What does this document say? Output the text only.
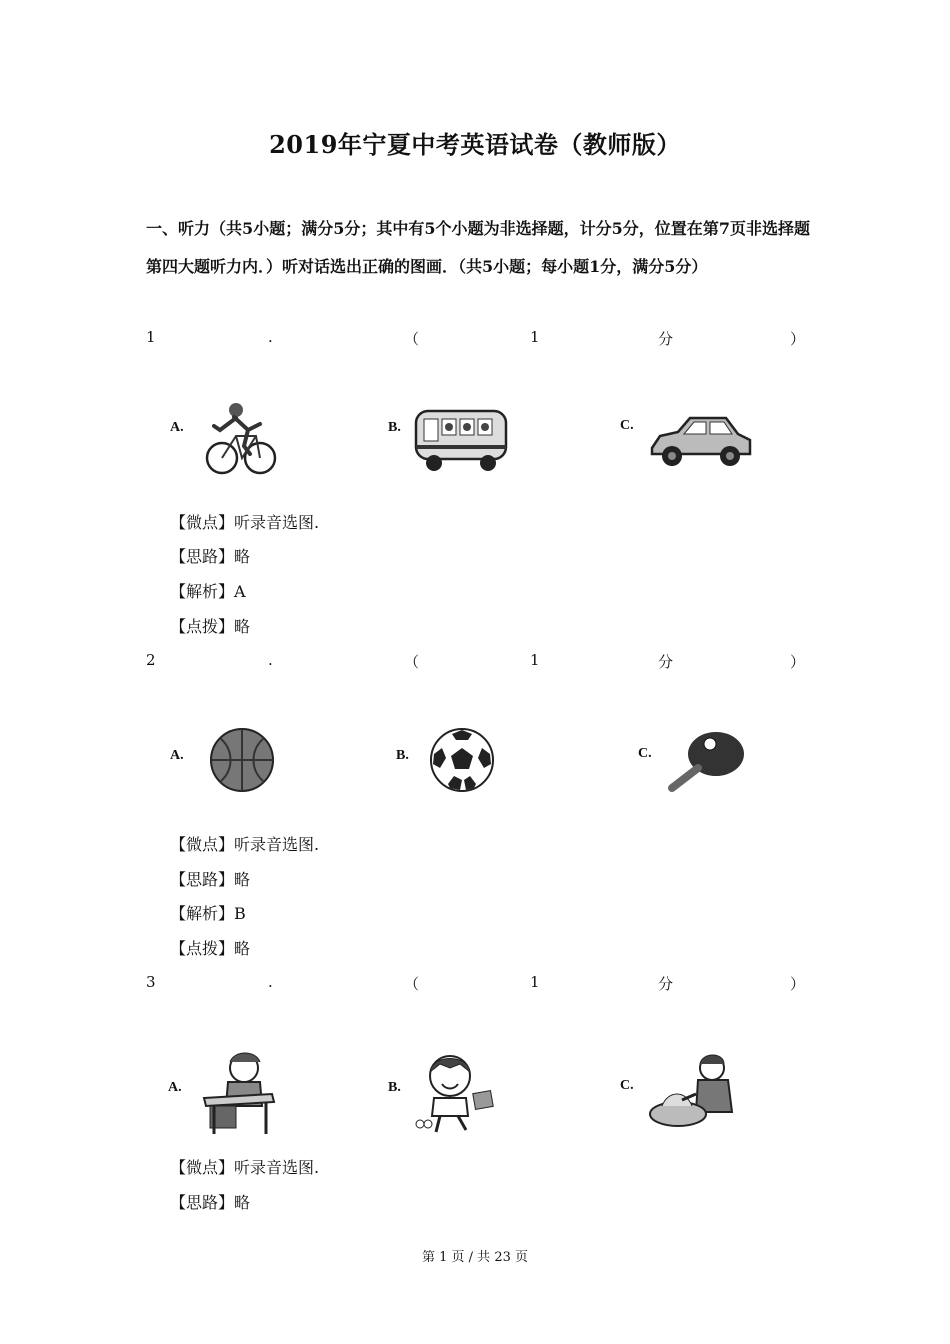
2019年宁夏中考英语试卷（教师版）
一、听力（共5小题；满分5分；其中有5个小题为非选择题，计分5分，位置在第7页非选择题第四大题听力内．）听对话选出正确的图画．（共5小题；每小题1分，满分5分）
1	.	（	1	分	）
A.	B.	C.
【微点】听录音选图.
【思路】略
【解析】A
【点拨】略
2	.	（	1	分	）
A.	B.	C.
【微点】听录音选图.
【思路】略
【解析】B
【点拨】略
3	.	（	1	分	）
A.	B.	C.
【微点】听录音选图.
【思路】略
第 1 页 / 共 23 页
